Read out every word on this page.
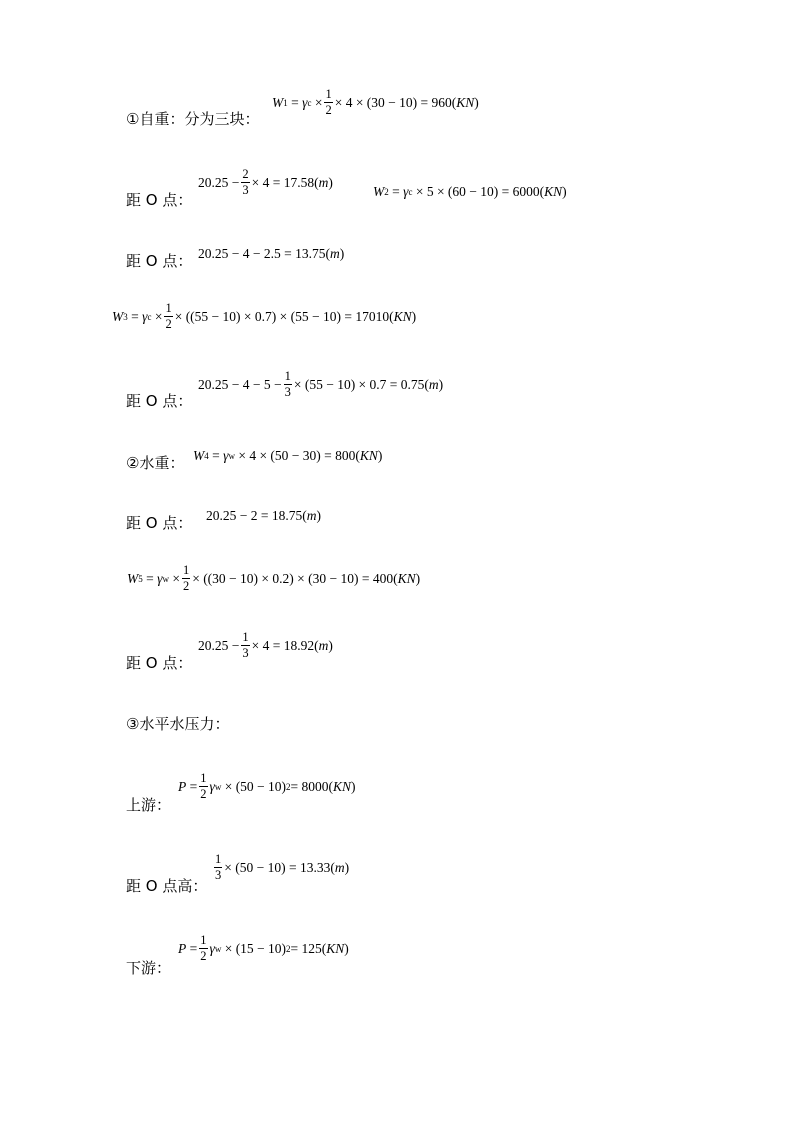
①自重：分为三块：
W 1 = γ $c \times \frac{1}{2} \times 4 \times (30 - 10) = 960$( KN )
距 O 点：
$20.25 - \frac{2}{3} \times 4 = 17.58$( m )
W 2 = γ c
× 5 × (60 − 10) = 6000( KN )
距 O 点： 20.25 − 4 − 2.5 = 13.75( m )
W 3 = γ $c \times \frac{1}{2} \times ((55 - 10) \times 0.7) \times (55 - 10) = 17010$( KN )
距 O 点：
$20.25 - 4 - 5 - \frac{1}{3} \times (55 - 10) \times 0.7 = 0.75$( m )
②水重： W 4 = γ w
× 4 × (50 − 30) = 800( KN )
距 O 点： 20.25 − 2 = 18.75( m )
W 5 = γ $w \times \frac{1}{2} \times ((30 - 10) \times 0.2) \times (30 - 10) = 400$( KN )
距 O 点：
$20.25 - \frac{1}{3} \times 4 = 18.92$( m )
③水平水压力：
上游：
$P = \frac{1}{2}$ γ w
× (50 − 10) 2 = 8000( KN )
距 O 点高：
$\frac{1}{3} \times (50 - 10) = 13.33$( m )
下游：
$P = \frac{1}{2}$ γ w
× (15 − 10) 2 = 125( KN )
